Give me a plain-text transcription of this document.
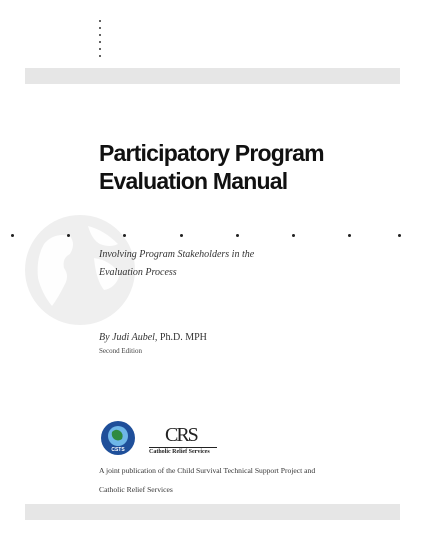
Participatory Program
Evaluation Manual

Involving Program Stakeholders in the
Evaluation Process

By Judi Aubel, Ph.D. MPH

Second Edition

CSTS
CRS
Catholic Relief Services

A joint publication of the Child Survival Technical Support Project and
Catholic Relief Services
